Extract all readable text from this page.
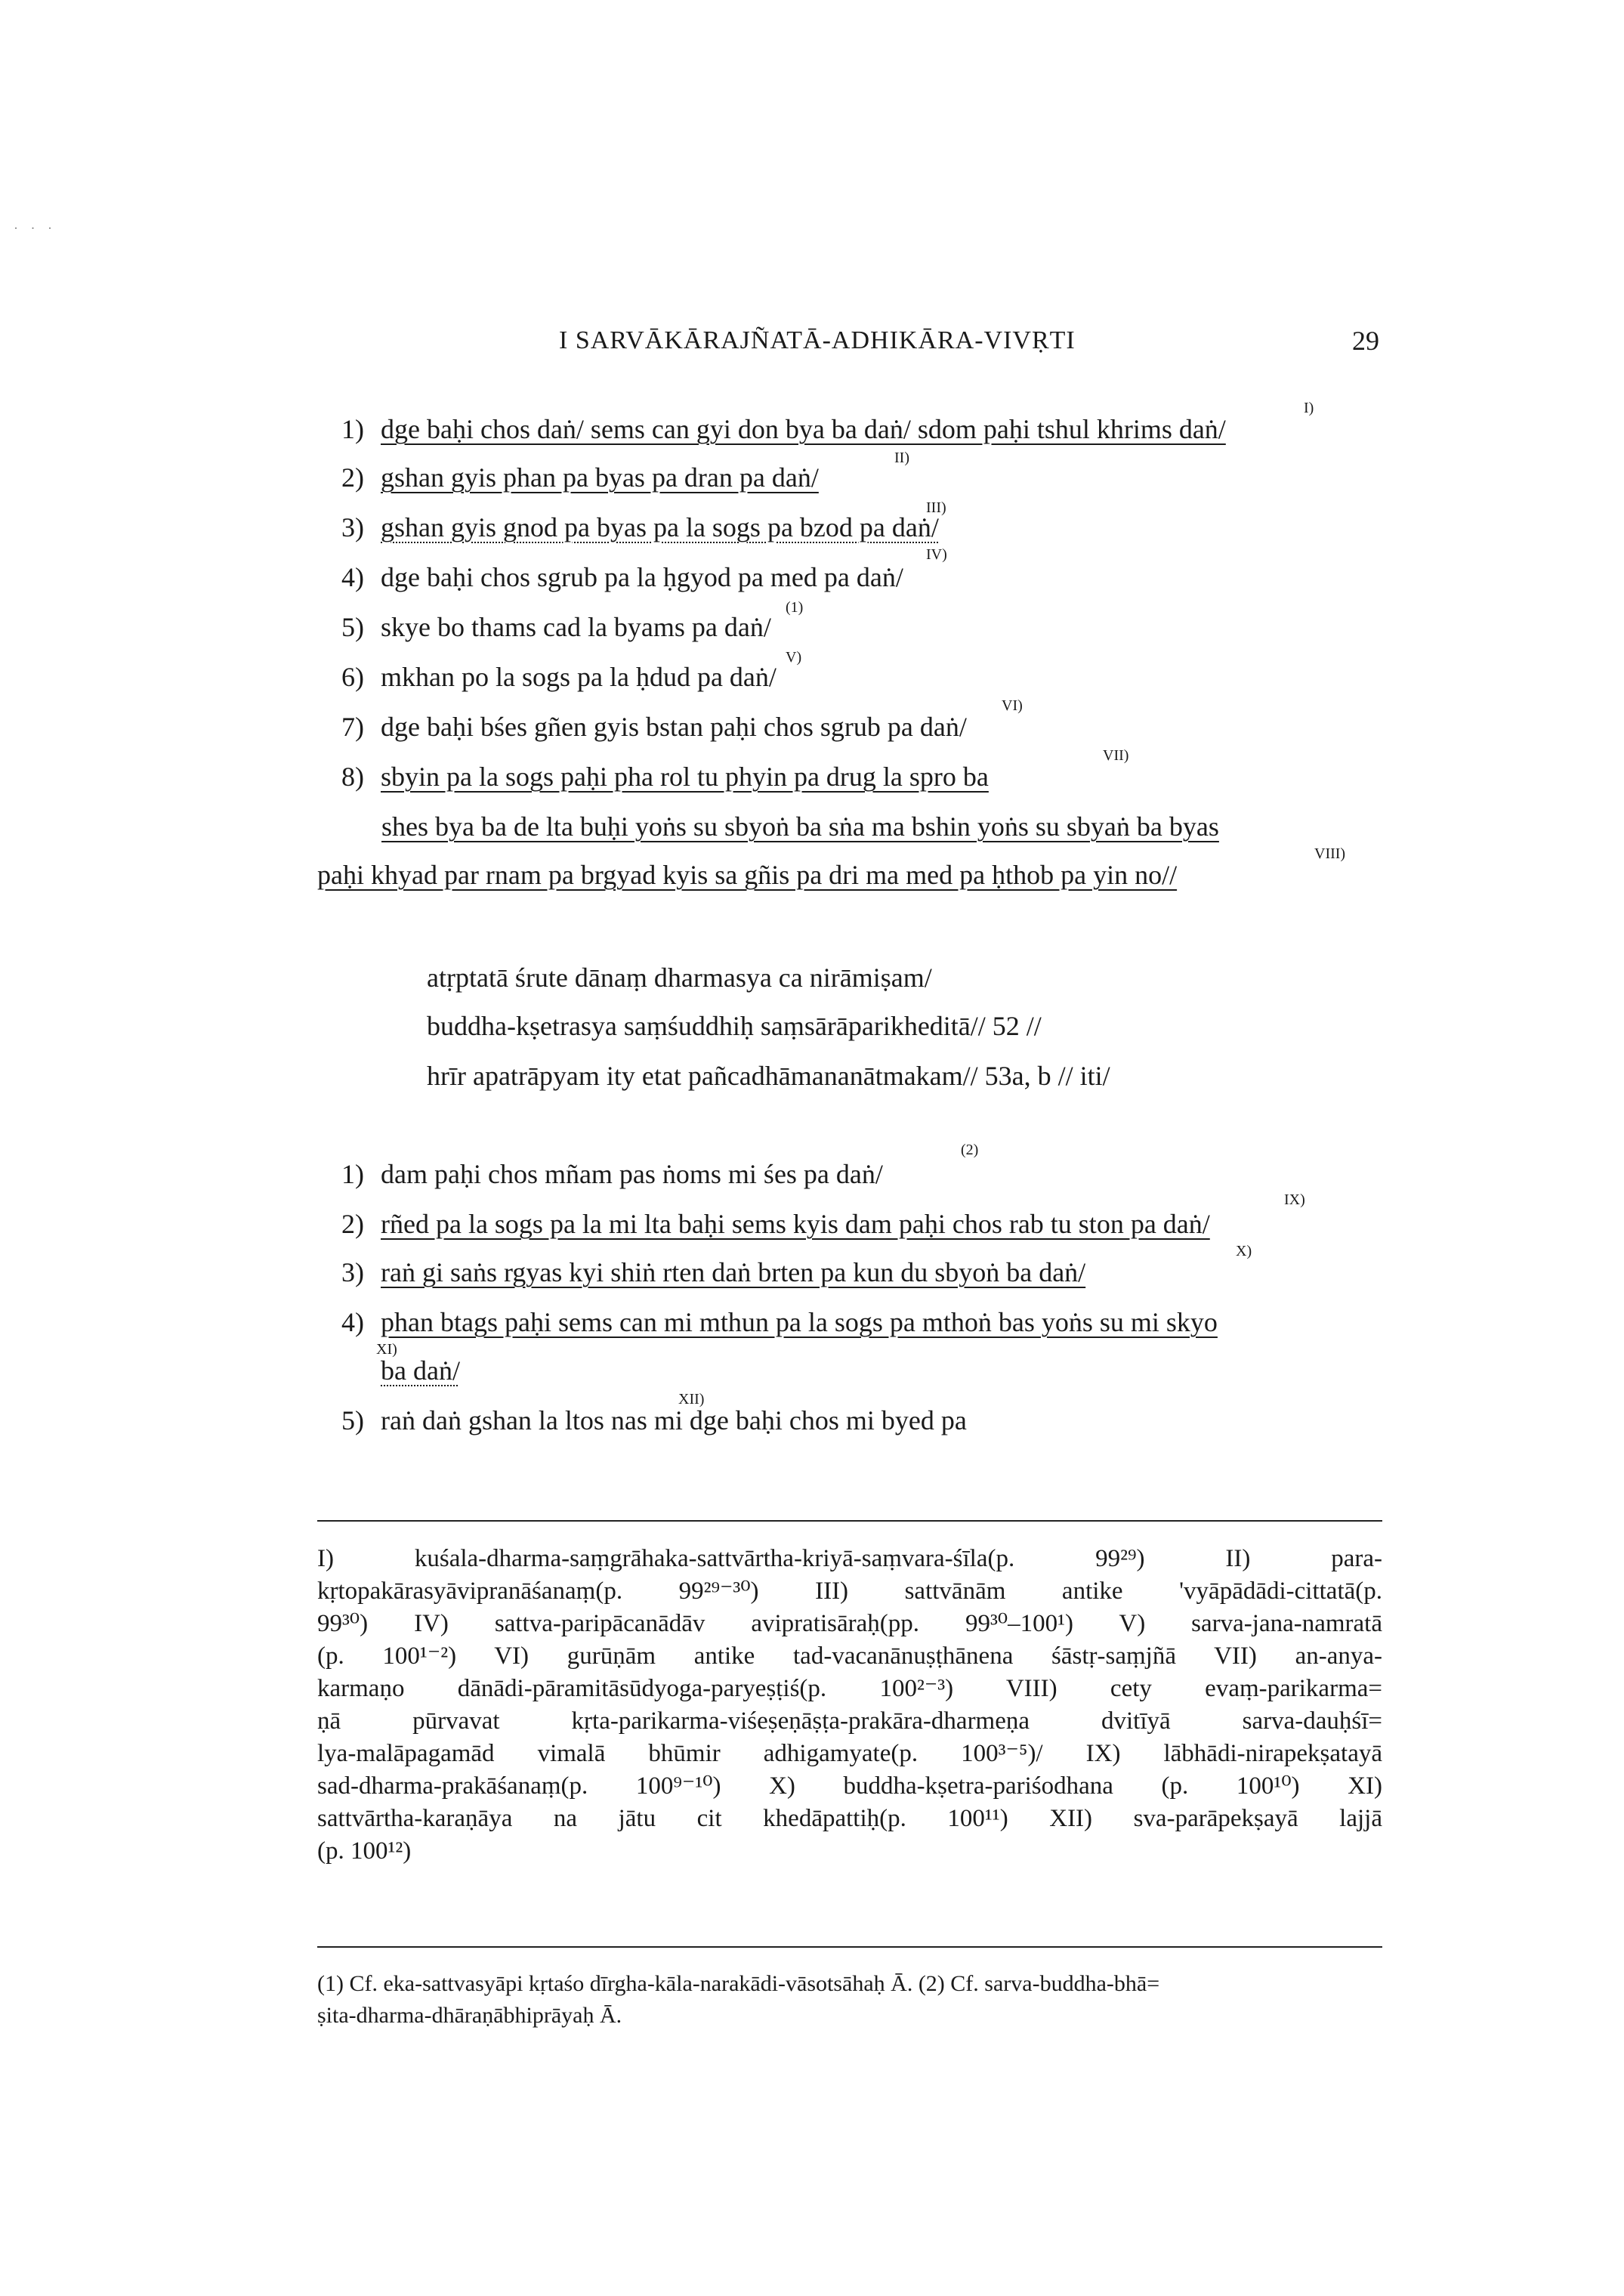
· · ·
I SARVĀKĀRAJÑATĀ-ADHIKĀRA-VIVṚTI	29
1) dge baḥi chos daṅ/ sems can gyi don bya ba daṅ/ sdom paḥi tshul khrims daṅ/
2) gshan gyis phan pa byas pa dran pa daṅ/
3) gshan gyis gnod pa byas pa la sogs pa bzod pa daṅ/
4) dge baḥi chos sgrub pa la ḥgyod pa med pa daṅ/
5) skye bo thams cad la byams pa daṅ/
6) mkhan po la sogs pa la ḥdud pa daṅ/
7) dge baḥi bśes gñen gyis bstan paḥi chos sgrub pa daṅ/
8) sbyin pa la sogs paḥi pha rol tu phyin pa drug la spro ba
shes bya ba de lta buḥi yoṅs su sbyoṅ ba sṅa ma bshin yoṅs su sbyaṅ ba byas
paḥi khyad par rnam pa brgyad kyis sa gñis pa dri ma med pa ḥthob pa yin no//
I)
II)
III)
IV)
(1)
V)
VI)
VII)
VIII)
atṛptatā śrute dānaṃ dharmasya ca nirāmiṣam/
buddha-kṣetrasya saṃśuddhiḥ saṃsārāparikheditā// 52 //
hrīr apatrāpyam ity etat pañcadhāmananātmakam// 53a, b // iti/
1) dam paḥi chos mñam pas ṅoms mi śes pa daṅ/
2) rñed pa la sogs pa la mi lta baḥi sems kyis dam paḥi chos rab tu ston pa daṅ/
3) raṅ gi saṅs rgyas kyi shiṅ rten daṅ brten pa kun du sbyoṅ ba daṅ/
4) phan btags paḥi sems can mi mthun pa la sogs pa mthoṅ bas yoṅs su mi skyo
ba daṅ/
5) raṅ daṅ gshan la ltos nas mi dge baḥi chos mi byed pa
(2)
IX)
X)
XI)
XII)
I) kuśala-dharma-saṃgrāhaka-sattvārtha-kriyā-saṃvara-śīla(p. 99²⁹) II) para-
kṛtopakārasyāvipranāśanaṃ(p. 99²⁹⁻³⁰) III) sattvānām antike 'vyāpādādi-cittatā(p.
99³⁰) IV) sattva-paripācanādāv avipratisāraḥ(pp. 99³⁰–100¹) V) sarva-jana-namratā
(p. 100¹⁻²) VI) gurūṇām antike tad-vacanānuṣṭhānena śāstṛ-saṃjñā VII) an-anya-
karmaṇo dānādi-pāramitāsūdyoga-paryeṣṭiś(p. 100²⁻³) VIII) cety evaṃ-parikarma=
ṇā pūrvavat kṛta-parikarma-viśeṣeṇāṣṭa-prakāra-dharmeṇa dvitīyā sarva-dauḥśī=
lya-malāpagamād vimalā bhūmir adhigamyate(p. 100³⁻⁵)/ IX) lābhādi-nirapekṣatayā
sad-dharma-prakāśanaṃ(p. 100⁹⁻¹⁰) X) buddha-kṣetra-pariśodhana (p. 100¹⁰) XI)
sattvārtha-karaṇāya na jātu cit khedāpattiḥ(p. 100¹¹) XII) sva-parāpekṣayā lajjā
(p. 100¹²)
(1) Cf. eka-sattvasyāpi kṛtaśo dīrgha-kāla-narakādi-vāsotsāhaḥ Ā. (2) Cf. sarva-buddha-bhā=
ṣita-dharma-dhāraṇābhiprāyaḥ Ā.
